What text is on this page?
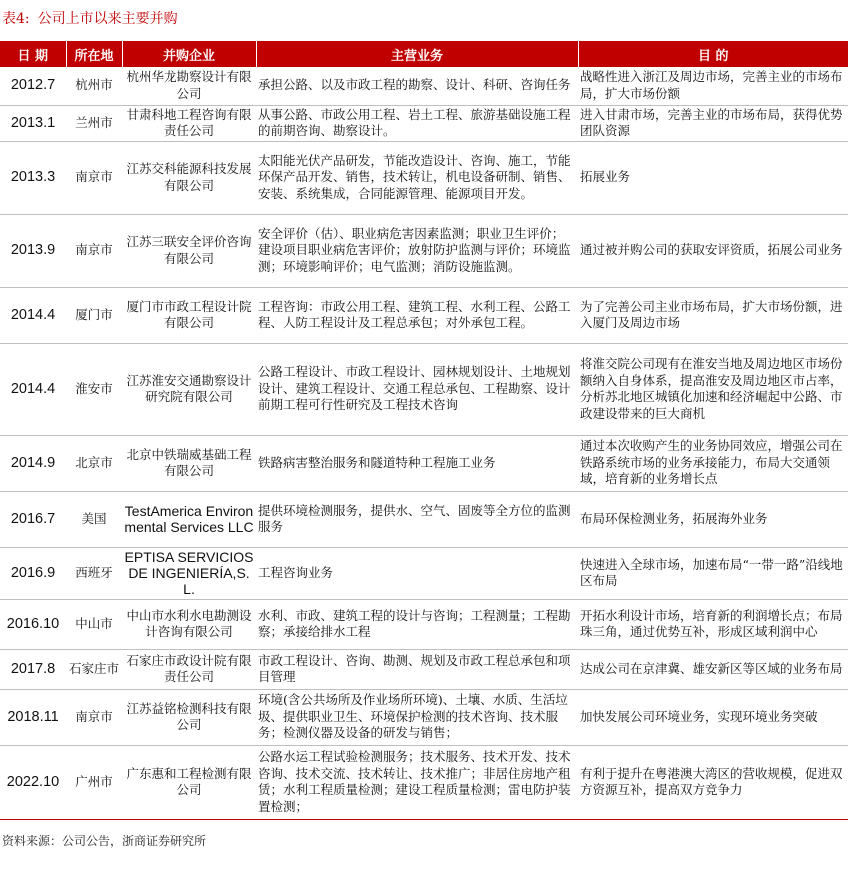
表4: 公司上市以来主要并购
日 期	所在地	并购企业	主营业务	目 的
2012.7	杭州市	杭州华龙勘察设计有限公司	承担公路、以及市政工程的勘察、设计、科研、咨询任务	战略性进入浙江及周边市场，完善主业的市场布局，扩大市场份额
2013.1	兰州市	甘肃科地工程咨询有限责任公司	从事公路、市政公用工程、岩土工程、旅游基础设施工程的前期咨询、勘察设计。	进入甘肃市场，完善主业的市场布局，获得优势团队资源
2013.3	南京市	江苏交科能源科技发展有限公司	太阳能光伏产品研发，节能改造设计、咨询、施工，节能环保产品开发、销售，技术转让，机电设备研制、销售、安装、系统集成，合同能源管理、能源项目开发。	拓展业务
2013.9	南京市	江苏三联安全评价咨询有限公司	安全评价（估）、职业病危害因素监测；职业卫生评价；建设项目职业病危害评价；放射防护监测与评价；环境监测；环境影响评价；电气监测；消防设施监测。	通过被并购公司的获取安评资质，拓展公司业务
2014.4	厦门市	厦门市市政工程设计院有限公司	工程咨询：市政公用工程、建筑工程、水利工程、公路工程、人防工程设计及工程总承包；对外承包工程。	为了完善公司主业市场布局，扩大市场份额，进入厦门及周边市场
2014.4	淮安市	江苏淮安交通勘察设计研究院有限公司	公路工程设计、市政工程设计、园林规划设计、土地规划设计、建筑工程设计、交通工程总承包、工程勘察、设计前期工程可行性研究及工程技术咨询	将淮交院公司现有在淮安当地及周边地区市场份额纳入自身体系，提高淮安及周边地区市占率，分析苏北地区城镇化加速和经济崛起中公路、市政建设带来的巨大商机
2014.9	北京市	北京中铁瑞威基础工程有限公司	铁路病害整治服务和隧道特种工程施工业务	通过本次收购产生的业务协同效应，增强公司在铁路系统市场的业务承接能力，布局大交通领域，培育新的业务增长点
2016.7	美国	TestAmerica Environmental Services LLC	提供环境检测服务，提供水、空气、固废等全方位的监测服务	布局环保检测业务，拓展海外业务
2016.9	西班牙	EPTISA SERVICIOS DE INGENIERÍA,S.L.	工程咨询业务	快速进入全球市场，加速布局“一带一路”沿线地区布局
2016.10	中山市	中山市水利水电勘测设计咨询有限公司	水利、市政、建筑工程的设计与咨询；工程测量；工程勘察；承接给排水工程	开拓水利设计市场，培育新的利润增长点；布局珠三角，通过优势互补，形成区域利润中心
2017.8	石家庄市	石家庄市政设计院有限责任公司	市政工程设计、咨询、勘测、规划及市政工程总承包和项目管理	达成公司在京津冀、雄安新区等区域的业务布局
2018.11	南京市	江苏益铭检测科技有限公司	环境(含公共场所及作业场所环境)、土壤、水质、生活垃圾、提供职业卫生、环境保护检测的技术咨询、技术服务；检测仪器及设备的研发与销售；	加快发展公司环境业务，实现环境业务突破
2022.10	广州市	广东惠和工程检测有限公司	公路水运工程试验检测服务；技术服务、技术开发、技术咨询、技术交流、技术转让、技术推广；非居住房地产租赁；水利工程质量检测；建设工程质量检测；雷电防护装置检测；	有利于提升在粤港澳大湾区的营收规模，促进双方资源互补，提高双方竞争力
资料来源：公司公告，浙商证券研究所
